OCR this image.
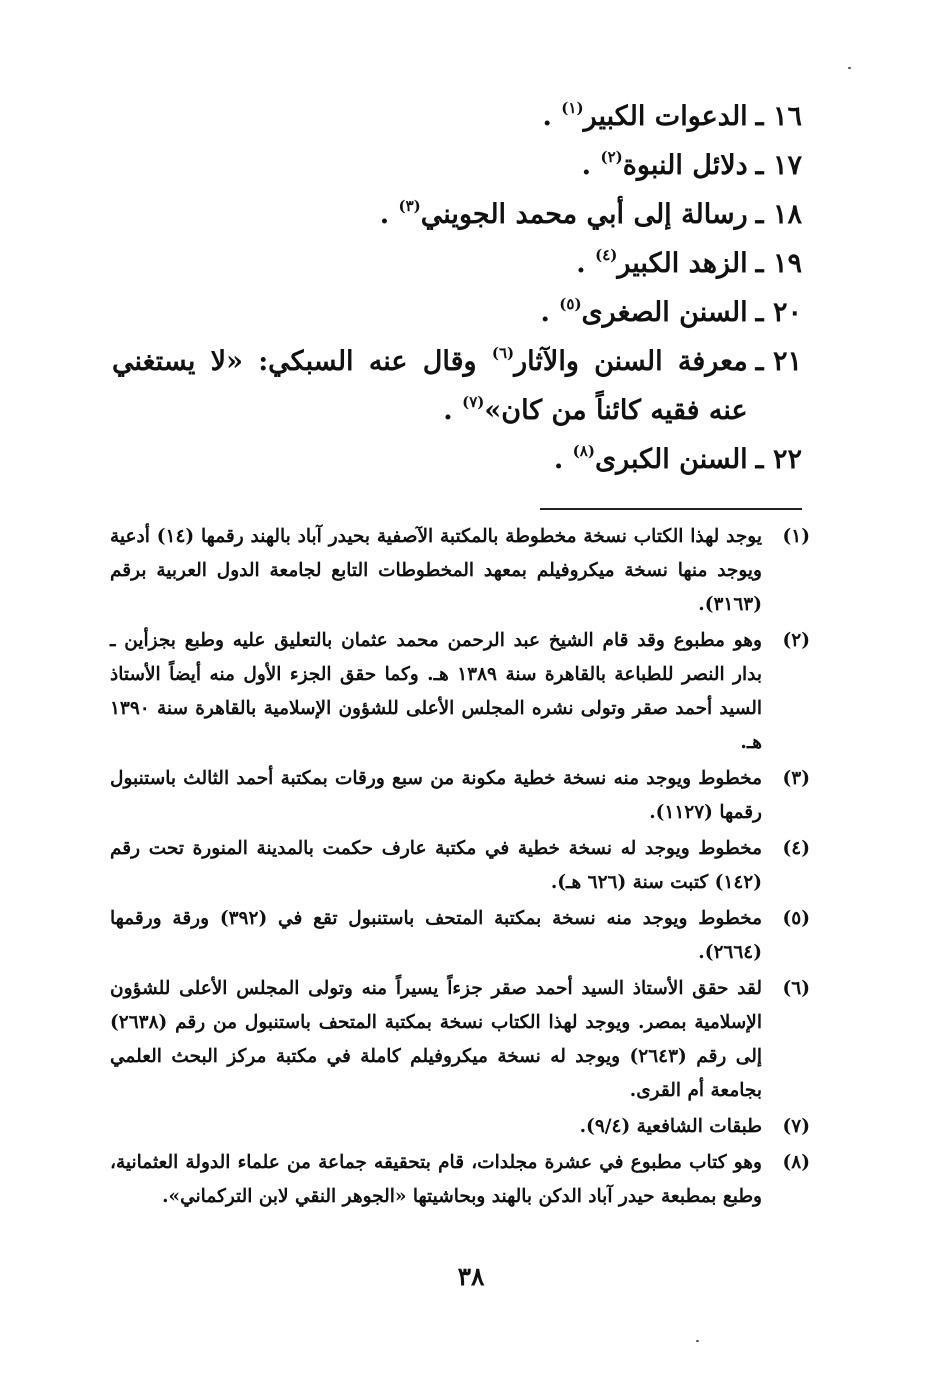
١٦ ـ
الدعوات الكبير$^{(١)}$ .
١٧ ـ
دلائل النبوة$^{(٢)}$ .
١٨ ـ
رسالة إلى أبي محمد الجويني$^{(٣)}$ .
١٩ ـ
الزهد الكبير$^{(٤)}$ .
٢٠ ـ
السنن الصغرى$^{(٥)}$ .
٢١ ـ
معرفة السنن والآثار$^{(٦)}$ وقال عنه السبكي: «لا يستغني عنه فقيه كائناً من كان»$^{(٧)}$ .
٢٢ ـ
السنن الكبرى$^{(٨)}$ .
(١)
يوجد لهذا الكتاب نسخة مخطوطة بالمكتبة الآصفية بحيدر آباد بالهند رقمها (١٤) أدعية ويوجد منها نسخة ميكروفيلم بمعهد المخطوطات التابع لجامعة الدول العربية برقم (٣١٦٣).
(٢)
وهو مطبوع وقد قام الشيخ عبد الرحمن محمد عثمان بالتعليق عليه وطبع بجزأين ـ بدار النصر للطباعة بالقاهرة سنة ١٣٨٩ هـ. وكما حقق الجزء الأول منه أيضاً الأستاذ السيد أحمد صقر وتولى نشره المجلس الأعلى للشؤون الإسلامية بالقاهرة سنة ١٣٩٠ هـ.
(٣)
مخطوط ويوجد منه نسخة خطية مكونة من سبع ورقات بمكتبة أحمد الثالث باستنبول رقمها (١١٢٧).
(٤)
مخطوط ويوجد له نسخة خطية في مكتبة عارف حكمت بالمدينة المنورة تحت رقم (١٤٢) كتبت سنة (٦٢٦ هـ).
(٥)
مخطوط ويوجد منه نسخة بمكتبة المتحف باستنبول تقع في (٣٩٢) ورقة ورقمها (٢٦٦٤).
(٦)
لقد حقق الأستاذ السيد أحمد صقر جزءاً يسيراً منه وتولى المجلس الأعلى للشؤون الإسلامية بمصر. ويوجد لهذا الكتاب نسخة بمكتبة المتحف باستنبول من رقم (٢٦٣٨) إلى رقم (٢٦٤٣) ويوجد له نسخة ميكروفيلم كاملة في مكتبة مركز البحث العلمي بجامعة أم القرى.
(٧)
طبقات الشافعية (٩/٤).
(٨)
وهو كتاب مطبوع في عشرة مجلدات، قام بتحقيقه جماعة من علماء الدولة العثمانية، وطبع بمطبعة حيدر آباد الدكن بالهند وبحاشيتها «الجوهر النقي لابن التركماني».
٣٨
